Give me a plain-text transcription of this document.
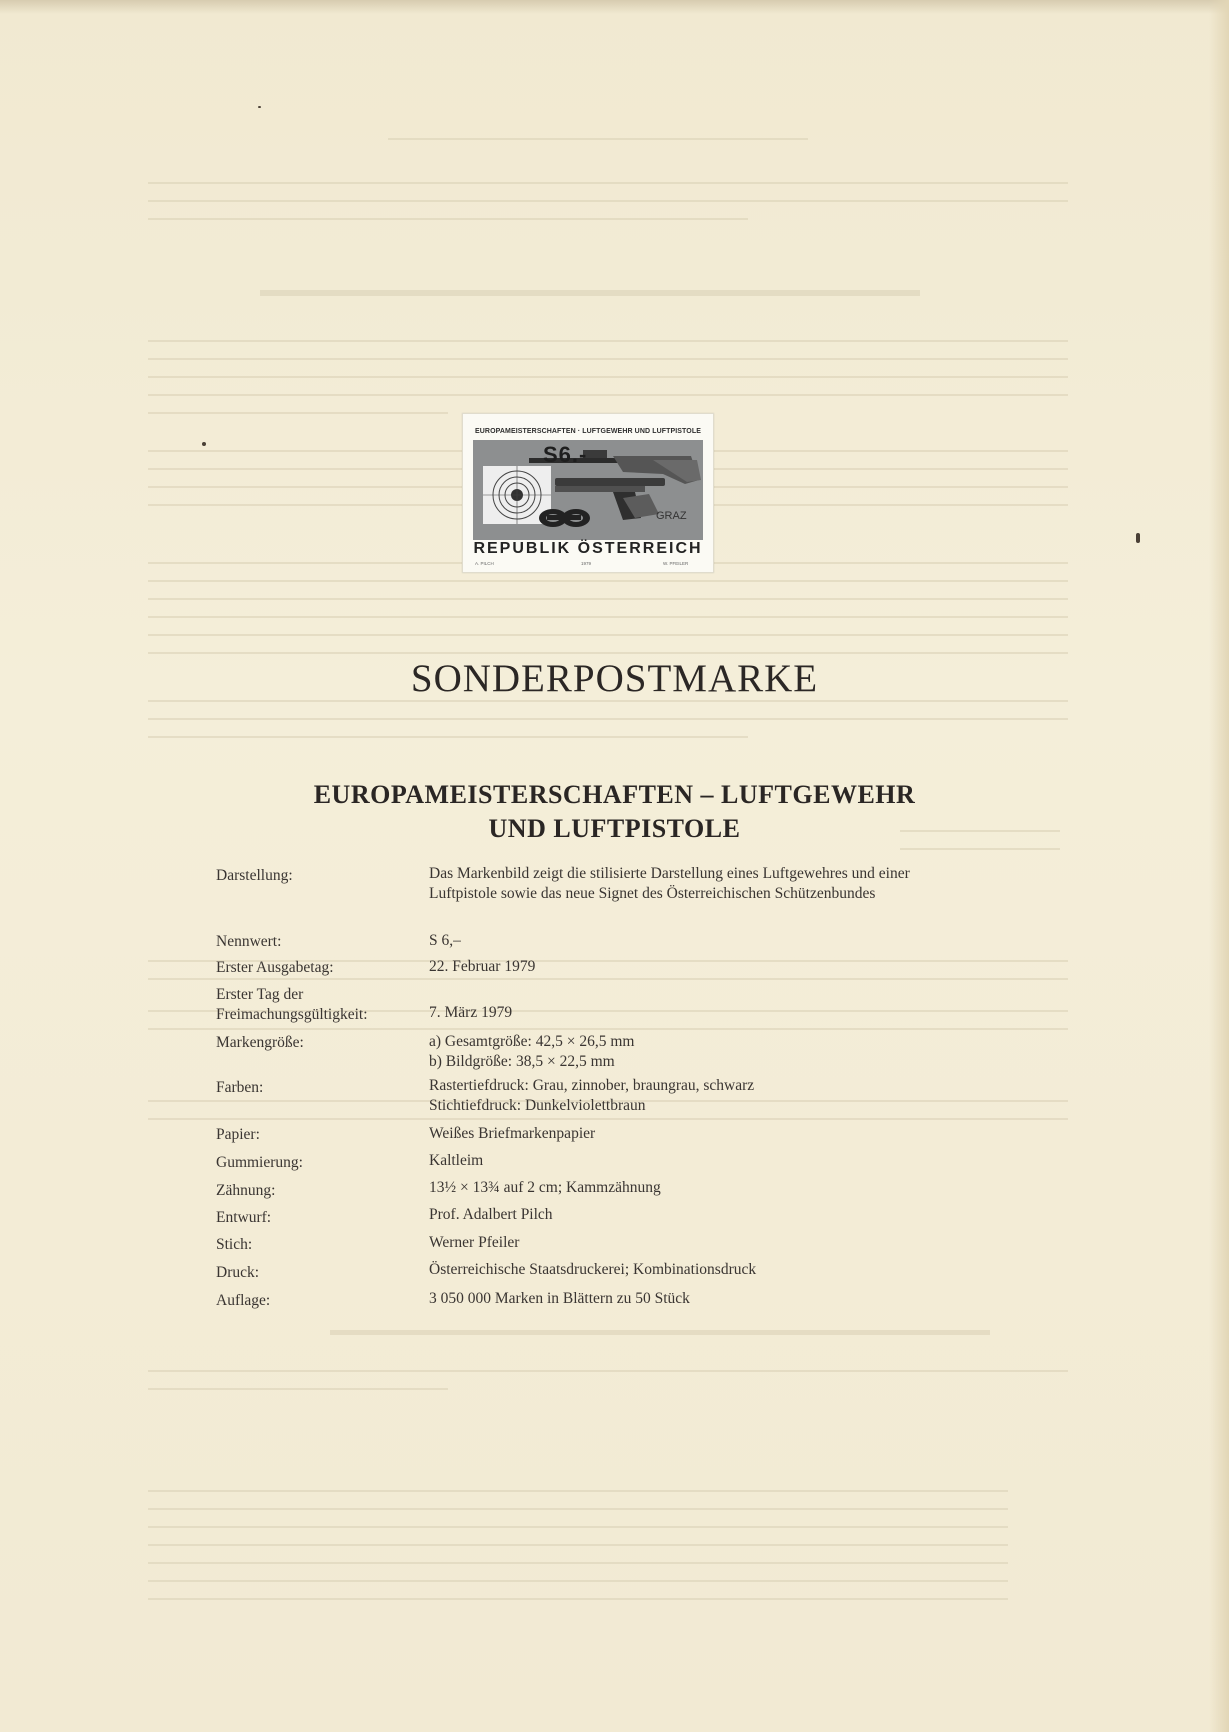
EUROPAMEISTERSCHAFTEN · LUFTGEWEHR UND LUFTPISTOLE
S6.-
GRAZ
REPUBLIK ÖSTERREICH
A. PILCH	1979	W. PFEILER
SONDERPOSTMARKE
EUROPAMEISTERSCHAFTEN – LUFTGEWEHR
UND LUFTPISTOLE
Darstellung:	Das Markenbild zeigt die stilisierte Darstellung eines Luftgewehres und einer Luftpistole sowie das neue Signet des Österreichischen Schützenbundes
Nennwert:	S 6,–
Erster Ausgabetag:	22. Februar 1979
Erster Tag der Freimachungsgültigkeit:	7. März 1979
Markengröße:	a) Gesamtgröße: 42,5 × 26,5 mm
b) Bildgröße: 38,5 × 22,5 mm
Farben:	Rastertiefdruck: Grau, zinnober, braungrau, schwarz
Stichtiefdruck: Dunkelviolettbraun
Papier:	Weißes Briefmarkenpapier
Gummierung:	Kaltleim
Zähnung:	13½ × 13¾ auf 2 cm; Kammzähnung
Entwurf:	Prof. Adalbert Pilch
Stich:	Werner Pfeiler
Druck:	Österreichische Staatsdruckerei; Kombinationsdruck
Auflage:	3 050 000 Marken in Blättern zu 50 Stück
